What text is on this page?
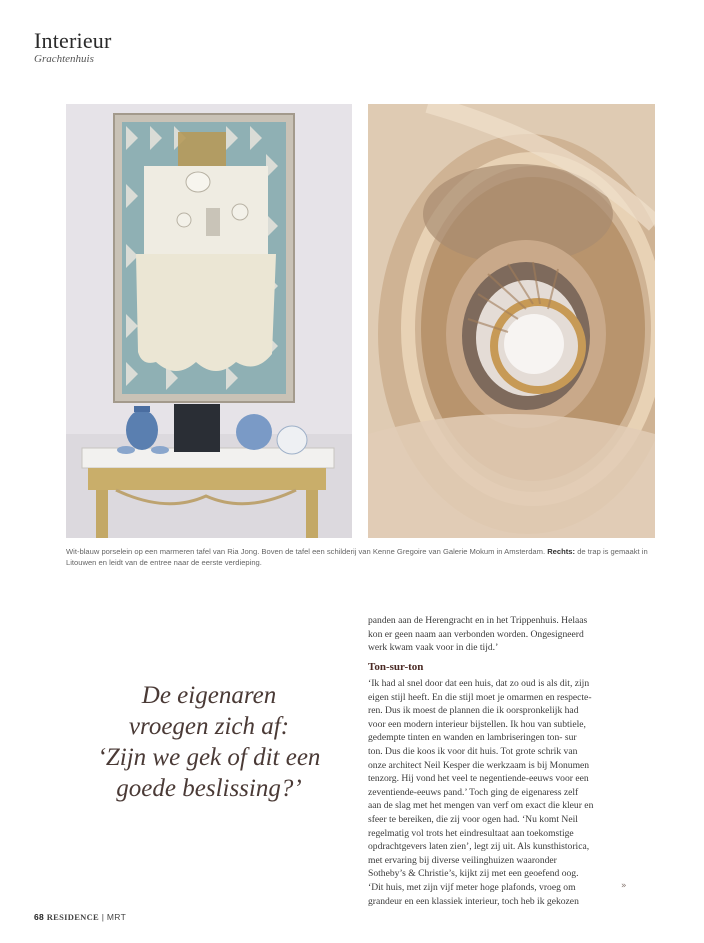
Interieur
Grachtenhuis
Wit-blauw porselein op een marmeren tafel van Ria Jong. Boven de tafel een schilderij van Kenne Gregoire van Galerie Mokum in Amsterdam. Rechts: de trap is gemaakt in Litouwen en leidt van de entree naar de eerste verdieping.
De eigenaren
vroegen zich af:
‘Zijn we gek of dit een
goede beslissing?’
panden aan de Herengracht en in het Trippenhuis. Helaas
kon er geen naam aan verbonden worden. Ongesigneerd
werk kwam vaak voor in die tijd.’
Ton-sur-ton
‘Ik had al snel door dat een huis, dat zo oud is als dit, zijn
eigen stijl heeft. En die stijl moet je omarmen en respecte-
ren. Dus ik moest de plannen die ik oorspronkelijk had
voor een modern interieur bijstellen. Ik hou van subtiele,
gedempte tinten en wanden en lambriseringen ton- sur
ton. Dus die koos ik voor dit huis. Tot grote schrik van
onze architect Neil Kesper die werkzaam is bij Monumen
tenzorg. Hij vond het veel te negentiende-eeuws voor een
zeventiende-eeuws pand.’ Toch ging de eigenaress zelf
aan de slag met het mengen van verf om exact die kleur en
sfeer te bereiken, die zij voor ogen had. ‘Nu komt Neil
regelmatig vol trots het eindresultaat aan toekomstige
opdrachtgevers laten zien’, legt zij uit. Als kunsthistorica,
met ervaring bij diverse veilinghuizen waaronder
Sotheby’s & Christie’s, kijkt zij met een geoefend oog.
‘Dit huis, met zijn vijf meter hoge plafonds, vroeg om
grandeur en een klassiek interieur, toch heb ik gekozen
»
68 RESIDENCE | MRT
